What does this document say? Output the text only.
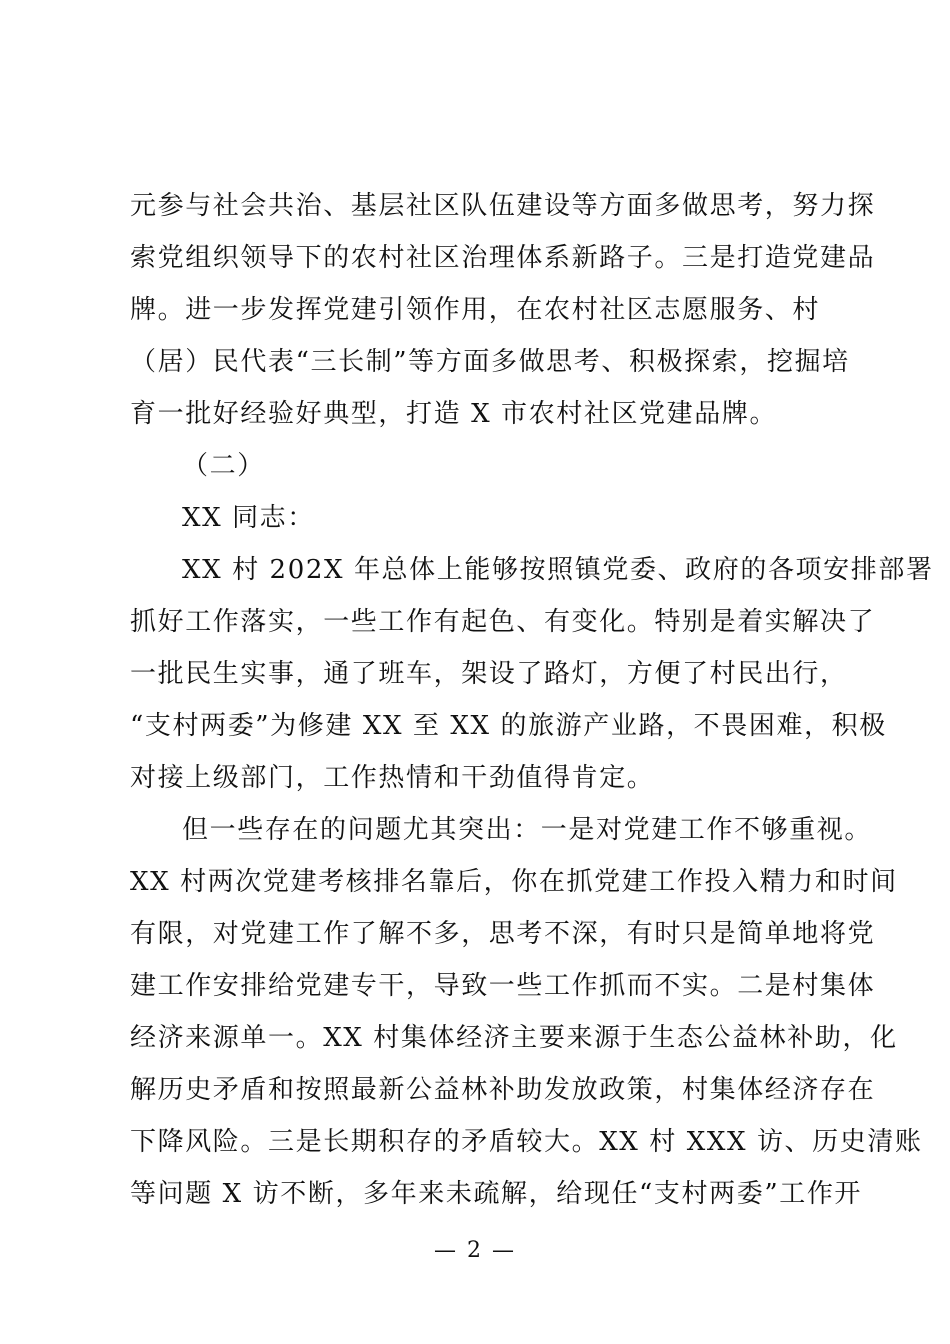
元参与社会共治、基层社区队伍建设等方面多做思考，努力探
索党组织领导下的农村社区治理体系新路子。三是打造党建品
牌。进一步发挥党建引领作用，在农村社区志愿服务、村
（居）民代表“三长制”等方面多做思考、积极探索，挖掘培
育一批好经验好典型，打造 X 市农村社区党建品牌。
（二）
XX 同志：
XX 村 202X 年总体上能够按照镇党委、政府的各项安排部署
抓好工作落实，一些工作有起色、有变化。特别是着实解决了
一批民生实事，通了班车，架设了路灯，方便了村民出行，
“支村两委”为修建 XX 至 XX 的旅游产业路，不畏困难，积极
对接上级部门，工作热情和干劲值得肯定。
但一些存在的问题尤其突出：一是对党建工作不够重视。
XX 村两次党建考核排名靠后，你在抓党建工作投入精力和时间
有限，对党建工作了解不多，思考不深，有时只是简单地将党
建工作安排给党建专干，导致一些工作抓而不实。二是村集体
经济来源单一。XX 村集体经济主要来源于生态公益林补助，化
解历史矛盾和按照最新公益林补助发放政策，村集体经济存在
下降风险。三是长期积存的矛盾较大。XX 村 XXX 访、历史清账
等问题 X 访不断，多年来未疏解，给现任“支村两委”工作开
— 2 —
